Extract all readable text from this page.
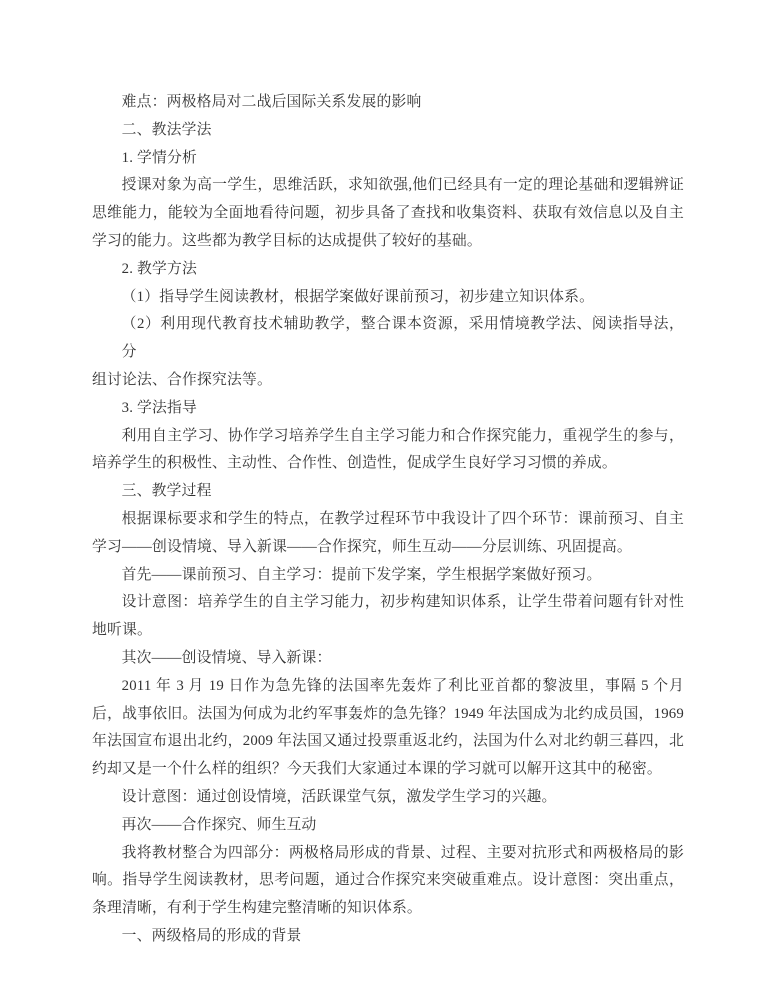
难点：两极格局对二战后国际关系发展的影响
二、教法学法
1. 学情分析
授课对象为高一学生，思维活跃，求知欲强,他们已经具有一定的理论基础和逻辑辨证
思维能力，能较为全面地看待问题，初步具备了查找和收集资料、获取有效信息以及自主
学习的能力。这些都为教学目标的达成提供了较好的基础。
2. 教学方法
（1）指导学生阅读教材，根据学案做好课前预习，初步建立知识体系。
（2）利用现代教育技术辅助教学，整合课本资源，采用情境教学法、阅读指导法，分
组讨论法、合作探究法等。
3. 学法指导
利用自主学习、协作学习培养学生自主学习能力和合作探究能力，重视学生的参与，
培养学生的积极性、主动性、合作性、创造性，促成学生良好学习习惯的养成。
三、教学过程
根据课标要求和学生的特点，在教学过程环节中我设计了四个环节：课前预习、自主
学习——创设情境、导入新课——合作探究，师生互动——分层训练、巩固提高。
首先——课前预习、自主学习：提前下发学案，学生根据学案做好预习。
设计意图：培养学生的自主学习能力，初步构建知识体系，让学生带着问题有针对性
地听课。
其次——创设情境、导入新课：
2011 年 3 月 19 日作为急先锋的法国率先轰炸了利比亚首都的黎波里，事隔 5 个月
后，战事依旧。法国为何成为北约军事轰炸的急先锋？1949 年法国成为北约成员国，1969
年法国宣布退出北约，2009 年法国又通过投票重返北约，法国为什么对北约朝三暮四，北
约却又是一个什么样的组织？今天我们大家通过本课的学习就可以解开这其中的秘密。
设计意图：通过创设情境，活跃课堂气氛，激发学生学习的兴趣。
再次——合作探究、师生互动
我将教材整合为四部分：两极格局形成的背景、过程、主要对抗形式和两极格局的影
响。指导学生阅读教材，思考问题，通过合作探究来突破重难点。设计意图：突出重点，
条理清晰，有利于学生构建完整清晰的知识体系。
一、两级格局的形成的背景
